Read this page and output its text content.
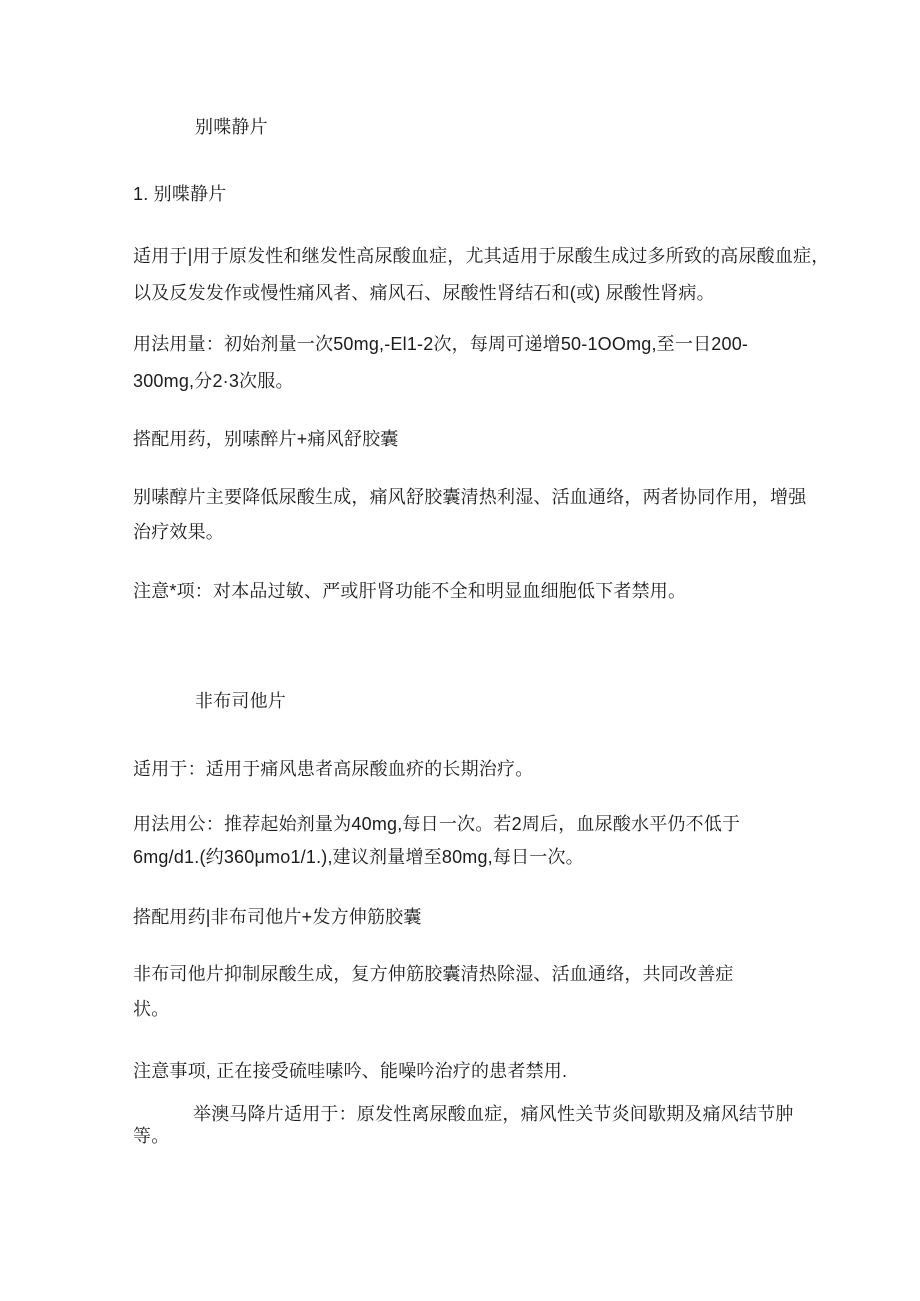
别喋静片
1. 别喋静片
适用于|用于原发性和继发性高尿酸血症，尤其适用于尿酸生成过多所致的高尿酸血症，
以及反发发作或慢性痛风者、痛风石、尿酸性肾结石和(或) 尿酸性肾病。
用法用量：初始剂量一次50mg,-El1-2次，每周可递增50-1OOmg,至一日200-
300mg,分2·3次服。
搭配用药，别嗉醉片+痛风舒胶囊
别嗉醇片主要降低尿酸生成，痛风舒胶囊清热利湿、活血通络，两者协同作用，增强
治疗效果。
注意*项：对本品过敏、严或肝肾功能不全和明显血细胞低下者禁用。
非布司他片
适用于：适用于痛风患者高尿酸血疥的长期治疗。
用法用公：推荐起始剂量为40mg,每日一次。若2周后，血尿酸水平仍不低于
6mg/d1.(约360μmo1/1.),建议剂量增至80mg,每日一次。
搭配用药|非布司他片+发方伸筋胶囊
非布司他片抑制尿酸生成，复方伸筋胶囊清热除湿、活血通络，共同改善症
状。
注意事项, 正在接受硫哇嗉吟、能噪吟治疗的患者禁用.
举澳马降片适用于：原发性离尿酸血症，痛风性关节炎间歇期及痛风结节肿
等。
